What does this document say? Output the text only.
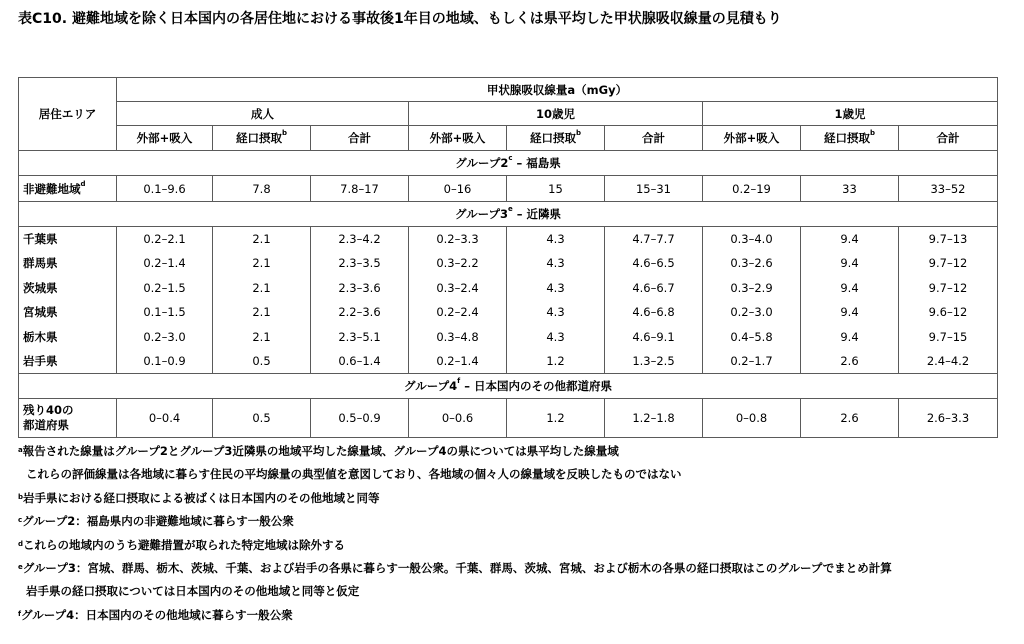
表C10. 避難地域を除く日本国内の各居住地における事故後1年目の地域、もしくは県平均した甲状腺吸収線量の見積もり
居住エリア	甲状腺吸収線量a（mGy）								
	成人			10歳児			1歳児		
	外部+吸入	経口摂取$^b$	合計	外部+吸入	経口摂取$^b$	合計	外部+吸入	経口摂取$^b$	合計
グループ2$^c$ – 福島県									
非避難地域$^d$	0.1–9.6	7.8	7.8–17	0–16	15	15–31	0.2–19	33	33–52
グループ3e – 近隣県									
千葉県	0.2–2.1	2.1	2.3–4.2	0.2–3.3	4.3	4.7–7.7	0.3–4.0	9.4	9.7–13
群馬県	0.2–1.4	2.1	2.3–3.5	0.3–2.2	4.3	4.6–6.5	0.3–2.6	9.4	9.7–12
茨城県	0.2–1.5	2.1	2.3–3.6	0.3–2.4	4.3	4.6–6.7	0.3–2.9	9.4	9.7–12
宮城県	0.1–1.5	2.1	2.2–3.6	0.2–2.4	4.3	4.6–6.8	0.2–3.0	9.4	9.6–12
栃木県	0.2–3.0	2.1	2.3–5.1	0.3–4.8	4.3	4.6–9.1	0.4–5.8	9.4	9.7–15
岩手県	0.1–0.9	0.5	0.6–1.4	0.2–1.4	1.2	1.3–2.5	0.2–1.7	2.6	2.4–4.2
グループ4$^f$ – 日本国内のその他都道府県									
残り40の
都道府県	0–0.4	0.5	0.5–0.9	0–0.6	1.2	1.2–1.8	0–0.8	2.6	2.6–3.3
$^a$報告された線量はグループ2とグループ3近隣県の地域平均した線量域、グループ4の県については県平均した線量域
これらの評価線量は各地域に暮らす住民の平均線量の典型値を意図しており、各地域の個々人の線量域を反映したものではない
$^b$岩手県における経口摂取による被ばくは日本国内のその他地域と同等
$^c$グループ2：福島県内の非避難地域に暮らす一般公衆
$^d$これらの地域内のうち避難措置が取られた特定地域は除外する
$^e$グループ3：宮城、群馬、栃木、茨城、千葉、および岩手の各県に暮らす一般公衆。千葉、群馬、茨城、宮城、および栃木の各県の経口摂取はこのグループでまとめ計算
岩手県の経口摂取については日本国内のその他地域と同等と仮定
$^f$グループ4：日本国内のその他地域に暮らす一般公衆
